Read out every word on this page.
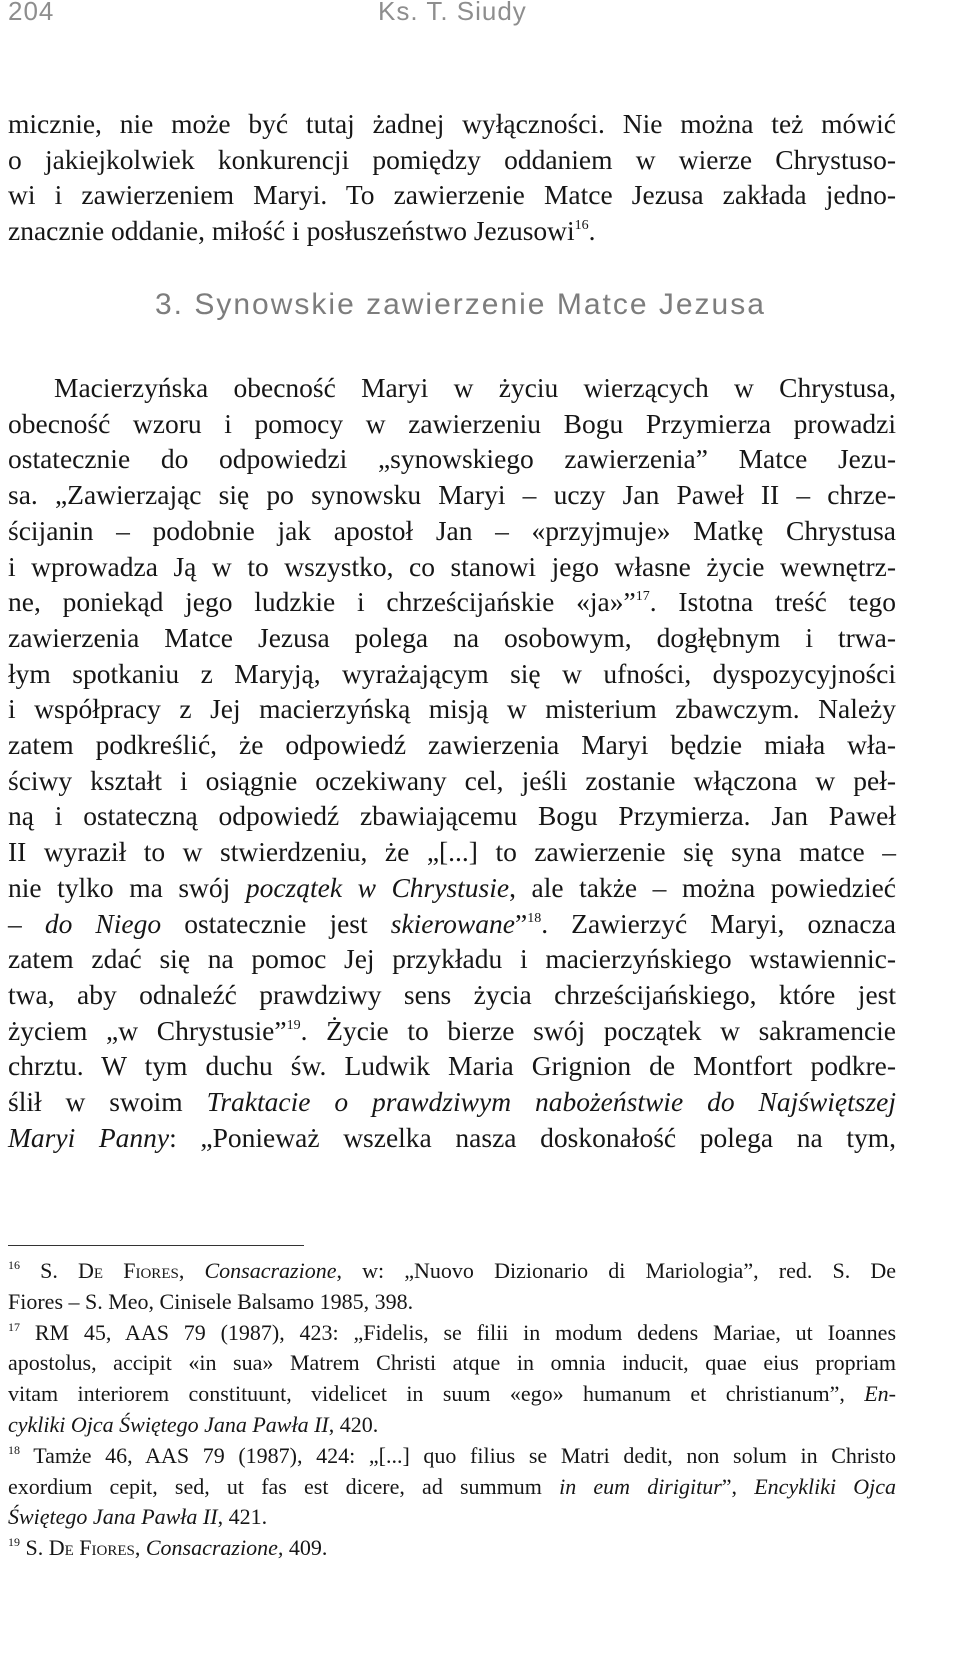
204	Ks. T. Siudy
micznie, nie może być tutaj żadnej wyłączności. Nie można też mówić
o jakiejkolwiek konkurencji pomiędzy oddaniem w wierze Chrystuso-
wi i zawierzeniem Maryi. To zawierzenie Matce Jezusa zakłada jedno-
znacznie oddanie, miłość i posłuszeństwo Jezusowi$^{16}$.
3. Synowskie zawierzenie Matce Jezusa
Macierzyńska obecność Maryi w życiu wierzących w Chrystusa,
obecność wzoru i pomocy w zawierzeniu Bogu Przymierza prowadzi
ostatecznie do odpowiedzi „synowskiego zawierzenia” Matce Jezu-
sa. „Zawierzając się po synowsku Maryi – uczy Jan Paweł II – chrze-
ścijanin – podobnie jak apostoł Jan – «przyjmuje» Matkę Chrystusa
i wprowadza Ją w to wszystko, co stanowi jego własne życie wewnętrz-
ne, poniekąd jego ludzkie i chrześcijańskie «ja»”$^{17}$. Istotna treść tego
zawierzenia Matce Jezusa polega na osobowym, dogłębnym i trwa-
łym spotkaniu z Maryją, wyrażającym się w ufności, dyspozycyjności
i współpracy z Jej macierzyńską misją w misterium zbawczym. Należy
zatem podkreślić, że odpowiedź zawierzenia Maryi będzie miała wła-
ściwy kształt i osiągnie oczekiwany cel, jeśli zostanie włączona w peł-
ną i ostateczną odpowiedź zbawiającemu Bogu Przymierza. Jan Paweł
II wyraził to w stwierdzeniu, że „[...] to zawierzenie się syna matce –
nie tylko ma swój początek w Chrystusie, ale także – można powiedzieć
– do Niego ostatecznie jest skierowane”$^{18}$. Zawierzyć Maryi, oznacza
zatem zdać się na pomoc Jej przykładu i macierzyńskiego wstawiennic-
twa, aby odnaleźć prawdziwy sens życia chrześcijańskiego, które jest
życiem „w Chrystusie”$^{19}$. Życie to bierze swój początek w sakramencie
chrztu. W tym duchu św. Ludwik Maria Grignion de Montfort podkre-
ślił w swoim Traktacie o prawdziwym nabożeństwie do Najświętszej
Maryi Panny: „Ponieważ wszelka nasza doskonałość polega na tym,
$^{16}$ S. De Fiores, Consacrazione, w: „Nuovo Dizionario di Mariologia”, red. S. De
Fiores – S. Meo, Cinisele Balsamo 1985, 398.
$^{17}$ RM 45, AAS 79 (1987), 423: „Fidelis, se filii in modum dedens Mariae, ut Ioannes
apostolus, accipit «in sua» Matrem Christi atque in omnia inducit, quae eius propriam
vitam interiorem constituunt, videlicet in suum «ego» humanum et christianum”, En-
cykliki Ojca Świętego Jana Pawła II, 420.
$^{18}$ Tamże 46, AAS 79 (1987), 424: „[...] quo filius se Matri dedit, non solum in Christo
exordium cepit, sed, ut fas est dicere, ad summum in eum dirigitur”, Encykliki Ojca
Świętego Jana Pawła II, 421.
$^{19}$ S. De Fiores, Consacrazione, 409.
